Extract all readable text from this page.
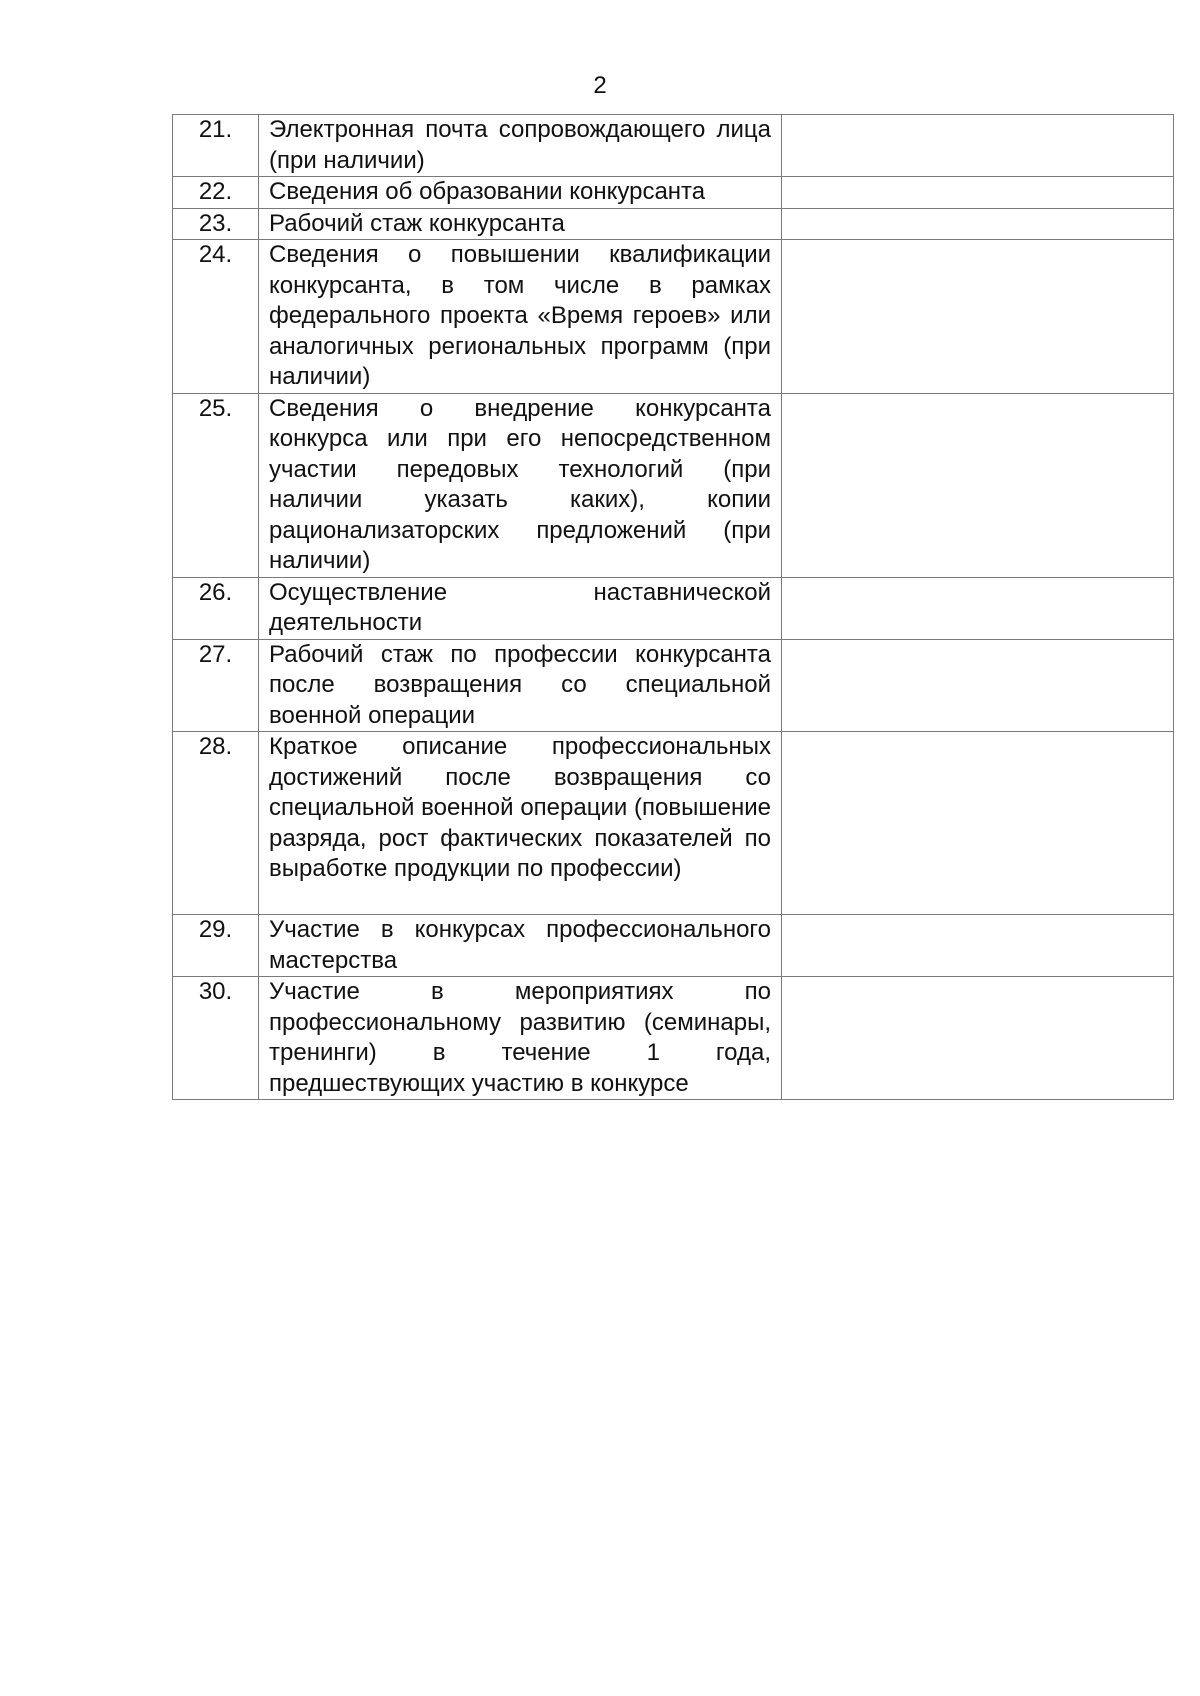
2
21.	Электронная почта сопровождающего лица (при наличии)	

22.	Сведения об образовании конкурсанта	

23.	Рабочий стаж конкурсанта	

24.	Сведения о повышении квалификации конкурсанта, в том числе в рамках федерального проекта «Время героев» или аналогичных региональных программ (при наличии)	

25.	Сведения о внедрение конкурсанта конкурса или при его непосредственном участии передовых технологий (при наличии указать каких), копии рационализаторских предложений (при наличии)	

26.	Осуществление наставнической деятельности	

27.	Рабочий стаж по профессии конкурсанта после возвращения со специальной военной операции	

28.	Краткое описание профессиональных достижений после возвращения со специальной военной операции (повышение разряда, рост фактических показателей по выработке продукции по профессии)	

29.	Участие в конкурсах профессионального мастерства	

30.	Участие в мероприятиях по профессиональному развитию (семинары, тренинги) в течение 1 года, предшествующих участию в конкурсе	
